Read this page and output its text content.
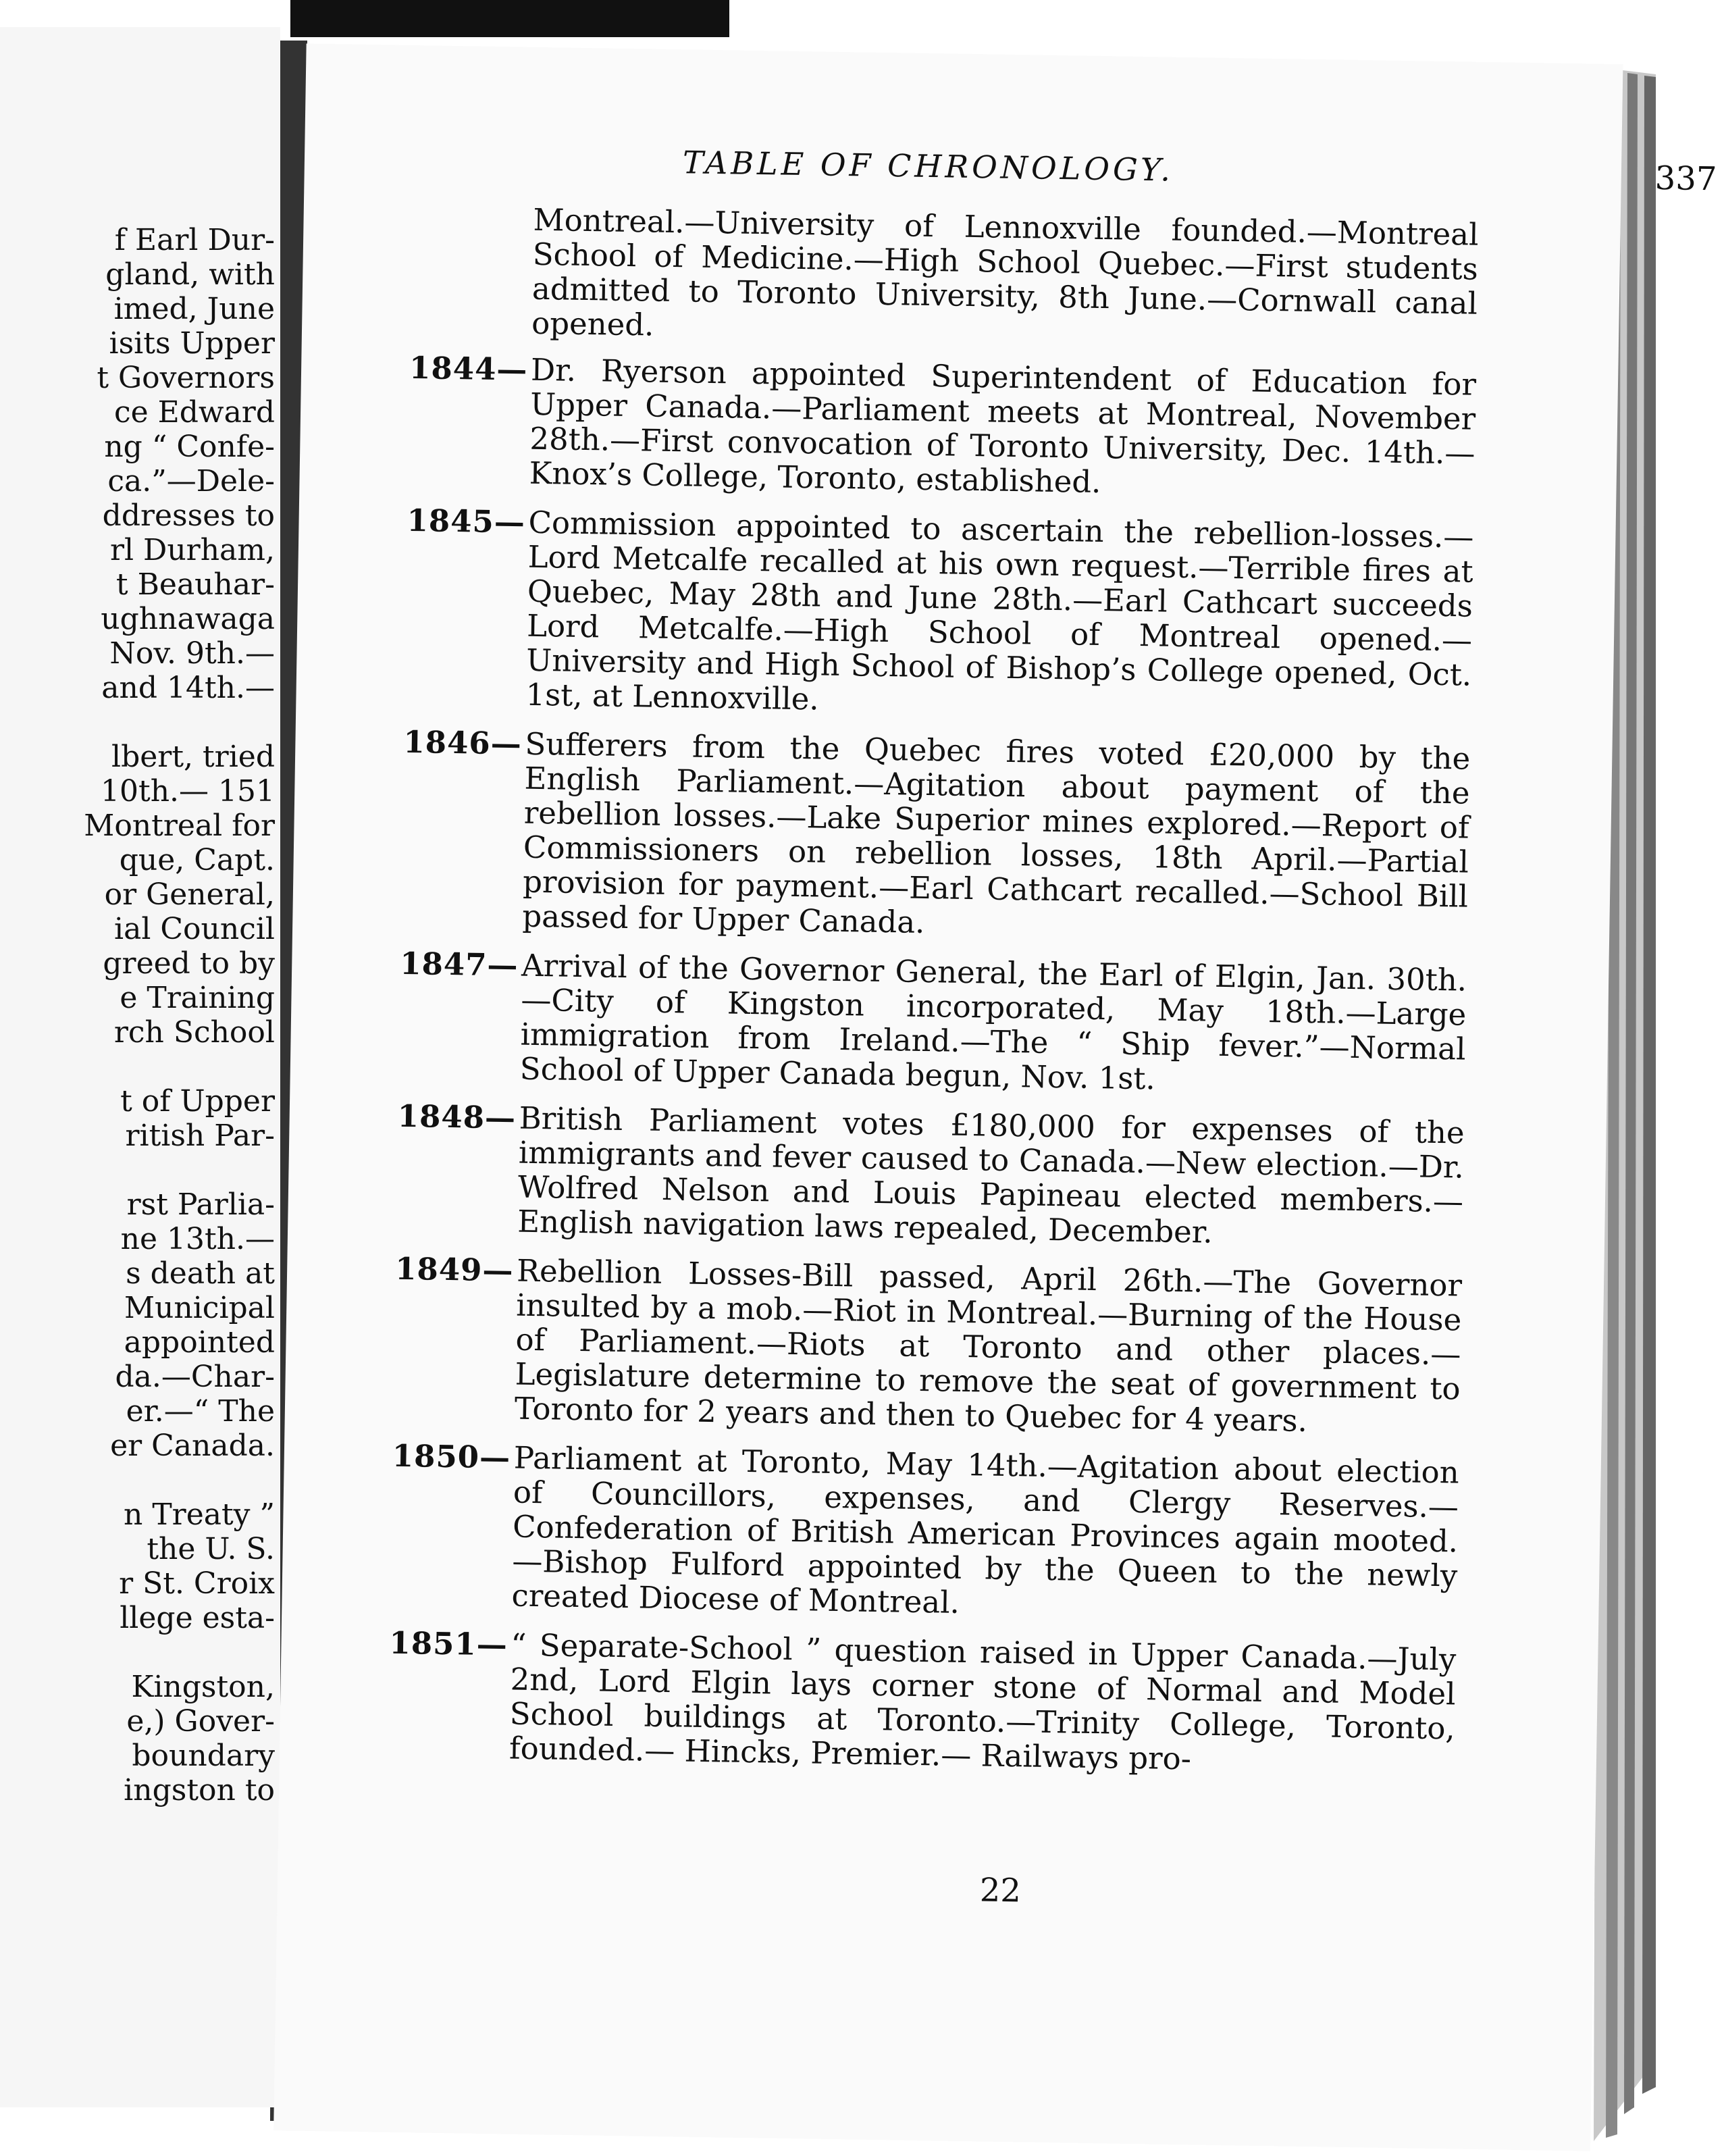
f Earl Dur-
gland, with
imed, June
isits Upper
t Governors
ce Edward
ng “ Confe-
ca.”—Dele-
ddresses to
rl Durham,
t Beauhar-
ughnawaga
Nov. 9th.—
and 14th.—
lbert, tried
10th.— 151
Montreal for
que, Capt.
or General,
ial Council
greed to by
e Training
rch School
t of Upper
ritish Par-
rst Parlia-
ne 13th.—
s death at
Municipal
appointed
da.—Char-
er.—“ The
er Canada.
n Treaty ”
the U. S.
r St. Croix
llege esta-
Kingston,
e,) Gover-
boundary
ingston to
TABLE OF CHRONOLOGY.	337
Montreal.—University of Lennoxville founded.—Montreal School of Medicine.—High School Quebec.—First students admitted to Toronto University, 8th June.—Cornwall canal opened.
1844— Dr. Ryerson appointed Superintendent of Education for Upper Canada.—Parliament meets at Montreal, November 28th.—First convocation of Toronto University, Dec. 14th.—Knox’s College, Toronto, established.
1845— Commission appointed to ascertain the rebellion-losses.—Lord Metcalfe recalled at his own request.—Terrible fires at Quebec, May 28th and June 28th.—Earl Cathcart succeeds Lord Metcalfe.—High School of Montreal opened.—University and High School of Bishop’s College opened, Oct. 1st, at Lennoxville.
1846— Sufferers from the Quebec fires voted £20,000 by the English Parliament.—Agitation about payment of the rebellion losses.—Lake Superior mines explored.—Report of Commissioners on rebellion losses, 18th April.—Partial provision for payment.—Earl Cathcart recalled.—School Bill passed for Upper Canada.
1847— Arrival of the Governor General, the Earl of Elgin, Jan. 30th.—City of Kingston incorporated, May 18th.—Large immigration from Ireland.—The “ Ship fever.”—Normal School of Upper Canada begun, Nov. 1st.
1848— British Parliament votes £180,000 for expenses of the immigrants and fever caused to Canada.—New election.—Dr. Wolfred Nelson and Louis Papineau elected members.—English navigation laws repealed, December.
1849— Rebellion Losses-Bill passed, April 26th.—The Governor insulted by a mob.—Riot in Montreal.—Burning of the House of Parliament.—Riots at Toronto and other places.—Legislature determine to remove the seat of government to Toronto for 2 years and then to Quebec for 4 years.
1850— Parliament at Toronto, May 14th.—Agitation about election of Councillors, expenses, and Clergy Reserves.—Confederation of British American Provinces again mooted.—Bishop Fulford appointed by the Queen to the newly created Diocese of Montreal.
1851— “ Separate-School ” question raised in Upper Canada.—July 2nd, Lord Elgin lays corner stone of Normal and Model School buildings at Toronto.—Trinity College, Toronto, founded.— Hincks, Premier.— Railways pro-
22
